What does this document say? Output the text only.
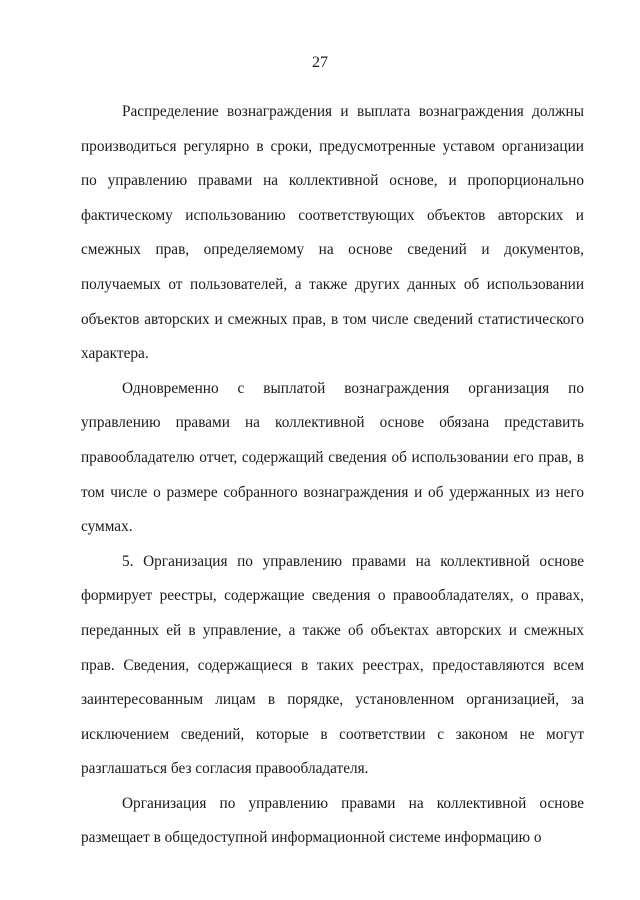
27

Распределение вознаграждения и выплата вознаграждения должны производиться регулярно в сроки, предусмотренные уставом организации по управлению правами на коллективной основе, и пропорционально фактическому использованию соответствующих объектов авторских и смежных прав, определяемому на основе сведений и документов, получаемых от пользователей, а также других данных об использовании объектов авторских и смежных прав, в том числе сведений статистического характера.

Одновременно с выплатой вознаграждения организация по управлению правами на коллективной основе обязана представить правообладателю отчет, содержащий сведения об использовании его прав, в том числе о размере собранного вознаграждения и об удержанных из него суммах.

5. Организация по управлению правами на коллективной основе формирует реестры, содержащие сведения о правообладателях, о правах, переданных ей в управление, а также об объектах авторских и смежных прав. Сведения, содержащиеся в таких реестрах, предоставляются всем заинтересованным лицам в порядке, установленном организацией, за исключением сведений, которые в соответствии с законом не могут разглашаться без согласия правообладателя.

Организация по управлению правами на коллективной основе размещает в общедоступной информационной системе информацию о
